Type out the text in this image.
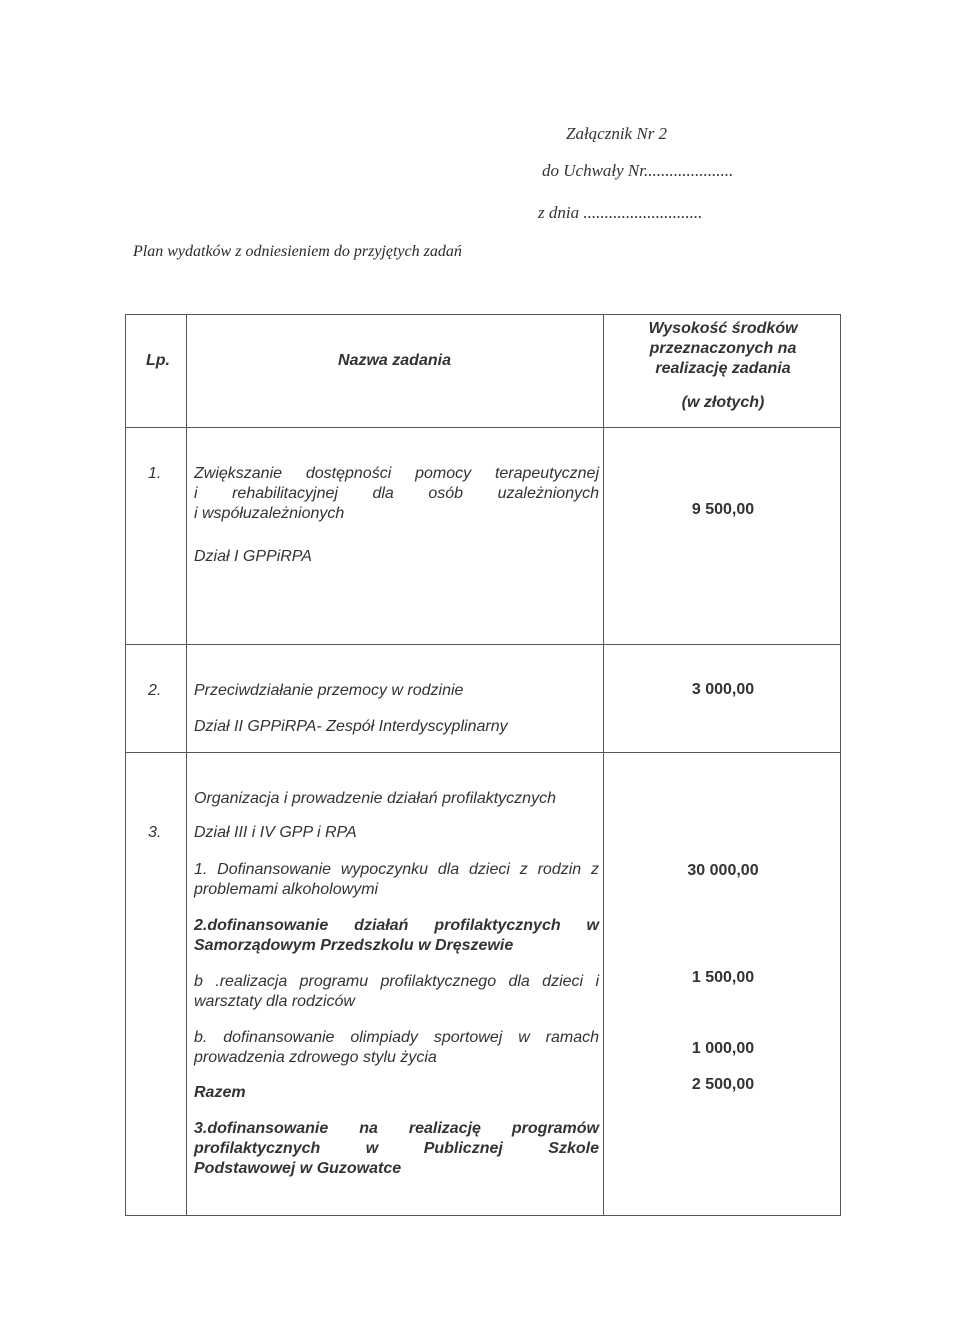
Załącznik Nr 2
do Uchwały Nr.....................
z dnia ............................
Plan wydatków z odniesieniem do przyjętych zadań
Lp.	Nazwa zadania
Wysokość środków
przeznaczonych na
realizację zadania
(w złotych)
1. Zwiększanie dostępności pomocy terapeutycznej
i rehabilitacyjnej dla osób uzależnionych
i współuzależnionych
Dział I GPPiRPA
9 500,00
2. Przeciwdziałanie przemocy w rodzinie
Dział II GPPiRPA- Zespół Interdyscyplinarny
3 000,00
3.
Organizacja i prowadzenie działań profilaktycznych
Dział III i IV GPP i RPA
1. Dofinansowanie wypoczynku dla dzieci z rodzin z
problemami alkoholowymi
30 000,00
2.dofinansowanie działań profilaktycznych w
Samorządowym Przedszkolu w Dręszewie
b .realizacja programu profilaktycznego dla dzieci i
warsztaty dla rodziców
1 500,00
b. dofinansowanie olimpiady sportowej w ramach
prowadzenia zdrowego stylu życia
1 000,00
Razem	2 500,00
3.dofinansowanie na realizację programów
profilaktycznych w Publicznej Szkole
Podstawowej w Guzowatce
